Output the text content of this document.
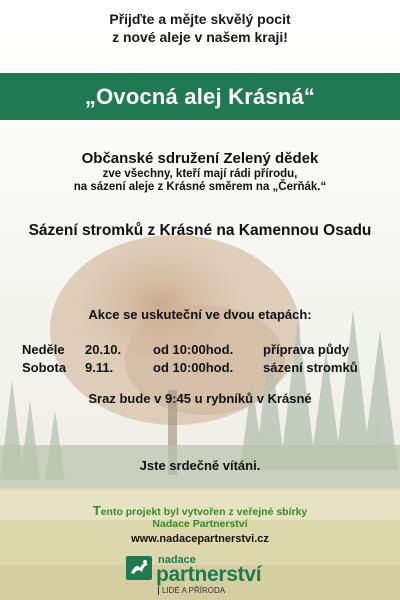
Přijďte a mějte skvělý pocit
z nové aleje v našem kraji!
„Ovocná alej Krásná“
Občanské sdružení Zelený dědek
zve všechny, kteří mají rádi přírodu,
na sázení aleje z Krásné směrem na „Čerňák.“
Sázení stromků z Krásné na Kamennou Osadu
Akce se uskuteční ve dvou etapách:
Neděle	20.10.	od 10:00hod.	příprava půdy
Sobota	9.11.	od 10:00hod.	sázení stromků
Sraz bude v 9:45 u rybníků v Krásné
Jste srdečně vítáni.
Tento projekt byl vytvořen z veřejné sbírky
Nadace Partnerství
www.nadacepartnerstvi.cz
nadace
partnerství
LIDÉ A PŘÍRODA
